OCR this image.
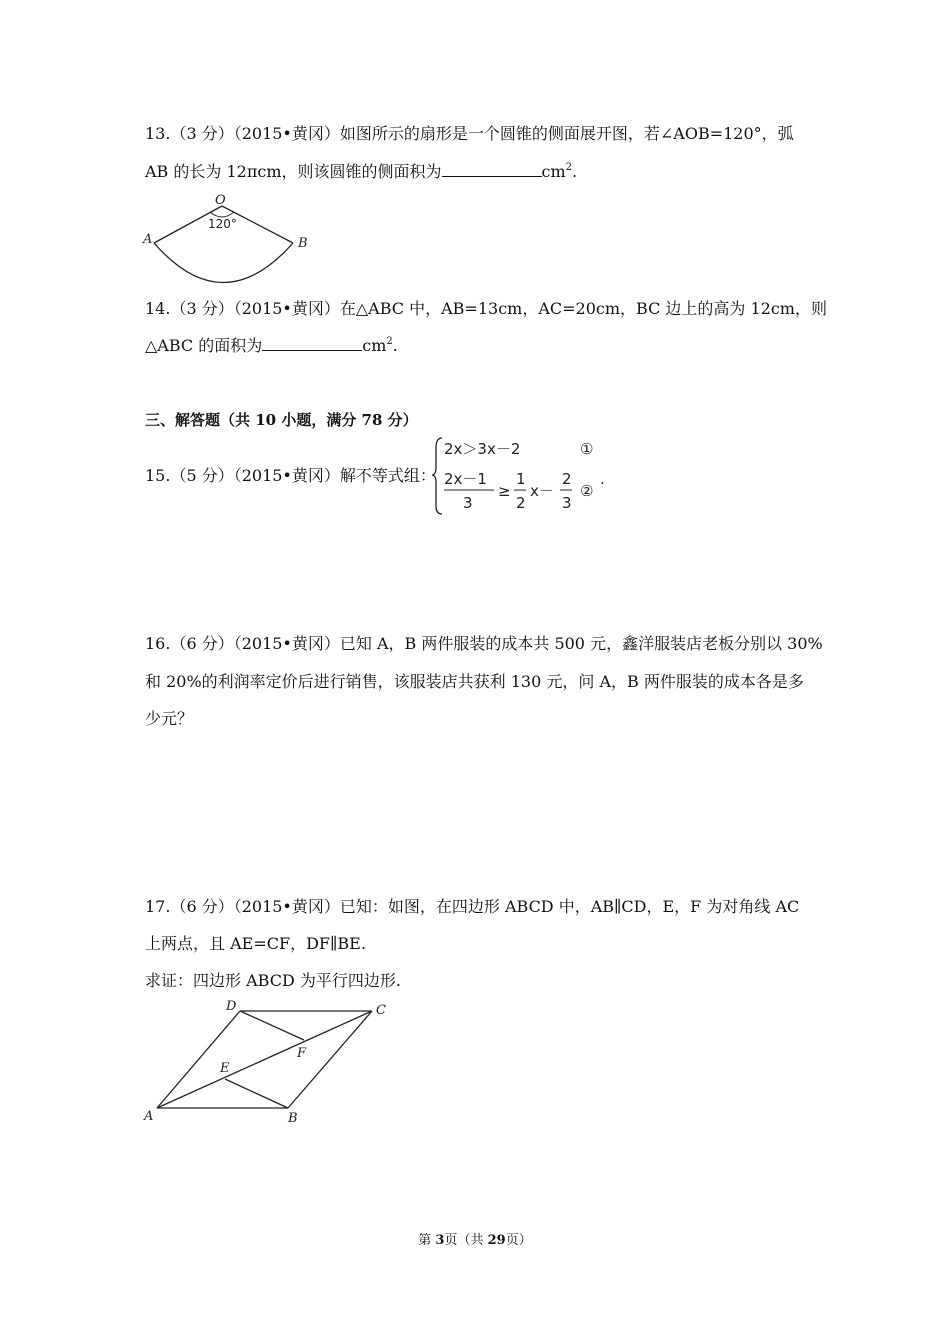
13.（3 分）（2015•黄冈）如图所示的扇形是一个圆锥的侧面展开图，若∠AOB=120°，弧
AB 的长为 12πcm，则该圆锥的侧面积为	$cm^2$.
O
A	B
120°
14.（3 分）（2015•黄冈）在△ABC 中，AB=13cm，AC=20cm，BC 边上的高为 12cm，则
△ABC 的面积为	$cm^2$.
三、解答题（共 10 小题，满分 78 分）
15.（5 分）（2015•黄冈）解不等式组：
2x＞3x－2	①
2x－1
3
≥
1
2
x－
2
3
②
.
16.（6 分）（2015•黄冈）已知 A，B 两件服装的成本共 500 元，鑫洋服装店老板分别以 30%
和 20%的利润率定价后进行销售，该服装店共获利 130 元，问 A，B 两件服装的成本各是多
少元？
17.（6 分）（2015•黄冈）已知：如图，在四边形 ABCD 中，AB∥CD，E，F 为对角线 AC
上两点，且 AE=CF，DF∥BE.
求证：四边形 ABCD 为平行四边形.
A	B
C
D
E
F
第 3页（共 29页）
